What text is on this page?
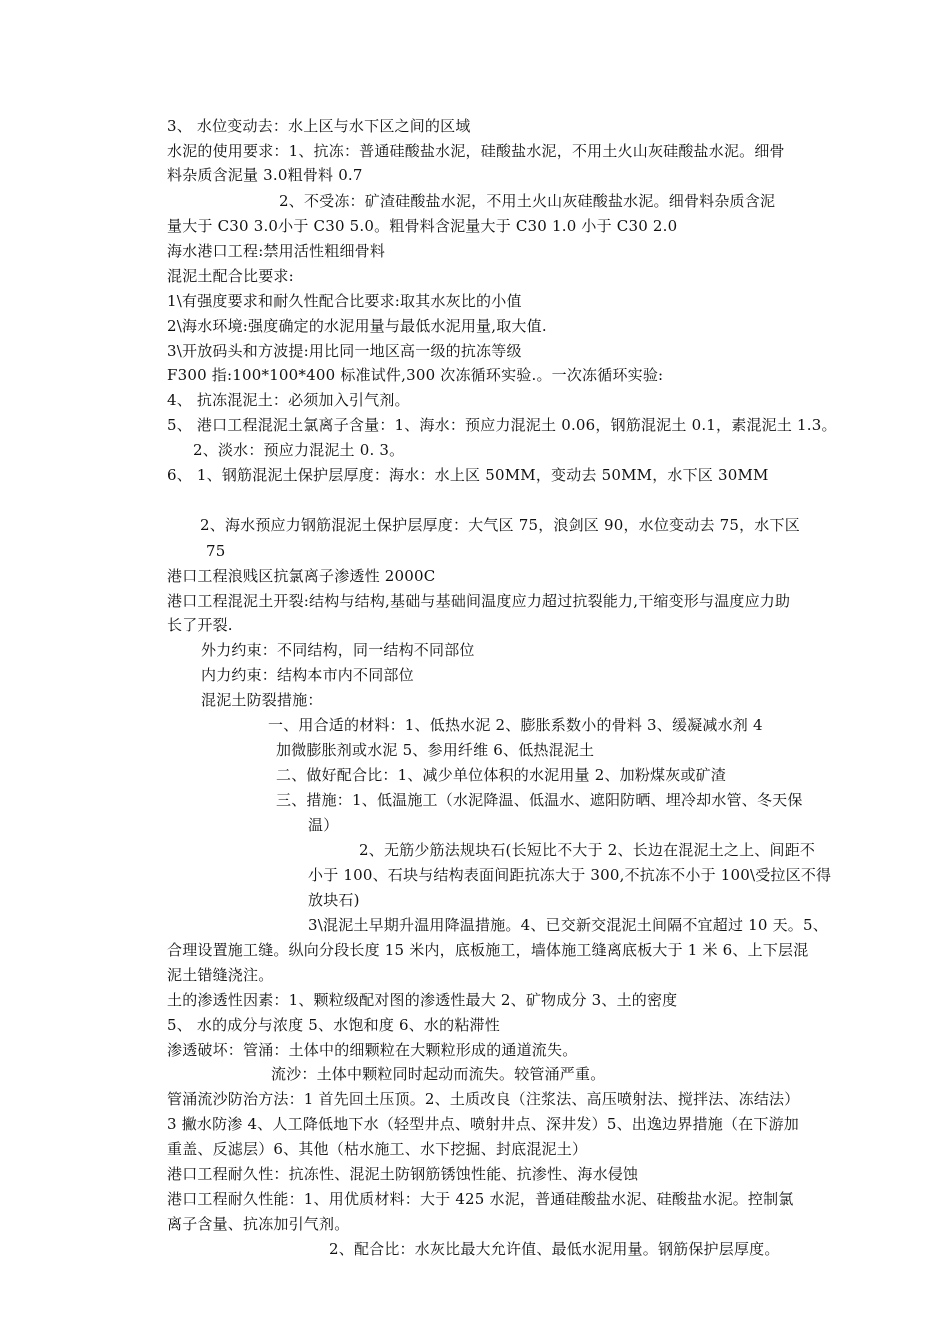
3、 水位变动去：水上区与水下区之间的区域
水泥的使用要求：1、抗冻：普通硅酸盐水泥，硅酸盐水泥，不用土火山灰硅酸盐水泥。细骨
料杂质含泥量 3.0粗骨料 0.7
2、不受冻：矿渣硅酸盐水泥，不用土火山灰硅酸盐水泥。细骨料杂质含泥
量大于 C30 3.0小于 C30 5.0。粗骨料含泥量大于 C30 1.0 小于 C30 2.0
海水港口工程:禁用活性粗细骨料
混泥土配合比要求:
1\有强度要求和耐久性配合比要求:取其水灰比的小值
2\海水环境:强度确定的水泥用量与最低水泥用量,取大值.
3\开放码头和方波提:用比同一地区高一级的抗冻等级
F300 指:100*100*400 标准试件,300 次冻循环实验.。一次冻循环实验:
4、 抗冻混泥土：必须加入引气剂。
5、 港口工程混泥土氯离子含量：1、海水：预应力混泥土 0.06，钢筋混泥土 0.1，素混泥土 1.3。
2、淡水：预应力混泥土 0. 3。
6、 1、钢筋混泥土保护层厚度：海水：水上区 50MM，变动去 50MM，水下区 30MM
2、海水预应力钢筋混泥土保护层厚度：大气区 75，浪剑区 90，水位变动去 75，水下区
75
港口工程浪贱区抗氯离子渗透性 2000C
港口工程混泥土开裂:结构与结构,基础与基础间温度应力超过抗裂能力,干缩变形与温度应力助
长了开裂.
外力约束：不同结构，同一结构不同部位
内力约束：结构本市内不同部位
混泥土防裂措施：
一、用合适的材料：1、低热水泥 2、膨胀系数小的骨料 3、缓凝减水剂 4
加微膨胀剂或水泥 5、参用纤维 6、低热混泥土
二、做好配合比：1、减少单位体积的水泥用量 2、加粉煤灰或矿渣
三、措施：1、低温施工（水泥降温、低温水、遮阳防晒、埋冷却水管、冬天保
温）
2、无筋少筋法规块石(长短比不大于 2、长边在混泥土之上、间距不
小于 100、石块与结构表面间距抗冻大于 300,不抗冻不小于 100\受拉区不得
放块石)
3\混泥土早期升温用降温措施。4、已交新交混泥土间隔不宜超过 10 天。5、
合理设置施工缝。纵向分段长度 15 米内，底板施工，墙体施工缝离底板大于 1 米 6、上下层混
泥土错缝浇注。
土的渗透性因素：1、颗粒级配对图的渗透性最大 2、矿物成分 3、土的密度
5、 水的成分与浓度 5、水饱和度 6、水的粘滞性
渗透破坏：管涌：土体中的细颗粒在大颗粒形成的通道流失。
流沙：土体中颗粒同时起动而流失。较管涌严重。
管涌流沙防治方法：1 首先回土压顶。2、土质改良（注浆法、高压喷射法、搅拌法、冻结法）
3 撇水防渗 4、人工降低地下水（轻型井点、喷射井点、深井发）5、出逸边界措施（在下游加
重盖、反滤层）6、其他（枯水施工、水下挖掘、封底混泥土）
港口工程耐久性：抗冻性、混泥土防钢筋锈蚀性能、抗渗性、海水侵蚀
港口工程耐久性能：1、用优质材料：大于 425 水泥，普通硅酸盐水泥、硅酸盐水泥。控制氯
离子含量、抗冻加引气剂。
2、配合比：水灰比最大允许值、最低水泥用量。钢筋保护层厚度。
